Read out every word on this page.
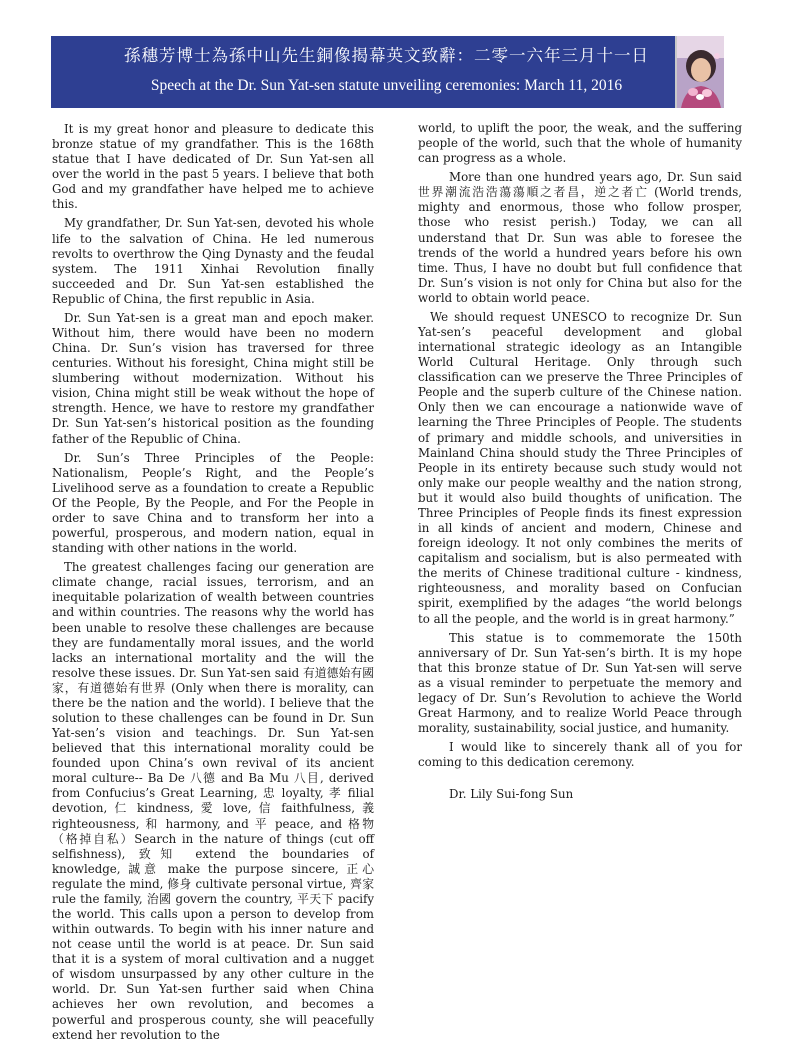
孫穗芳博士為孫中山先生銅像揭幕英文致辭：二零一六年三月十一日
Speech at the Dr. Sun Yat-sen statute unveiling ceremonies: March 11, 2016

It is my great honor and pleasure to dedicate this bronze statue of my grandfather. This is the 168th statue that I have dedicated of Dr. Sun Yat-sen all over the world in the past 5 years. I believe that both God and my grandfather have helped me to achieve this.

My grandfather, Dr. Sun Yat-sen, devoted his whole life to the salvation of China. He led numerous revolts to overthrow the Qing Dynasty and the feudal system. The 1911 Xinhai Revolution finally succeeded and Dr. Sun Yat-sen established the Republic of China, the first republic in Asia.

Dr. Sun Yat-sen is a great man and epoch maker. Without him, there would have been no modern China. Dr. Sun’s vision has traversed for three centuries. Without his foresight, China might still be slumbering without modernization. Without his vision, China might still be weak without the hope of strength. Hence, we have to restore my grandfather Dr. Sun Yat-sen’s historical position as the founding father of the Republic of China.

Dr. Sun’s Three Principles of the People: Nationalism, People’s Right, and the People’s Livelihood serve as a foundation to create a Republic Of the People, By the People, and For the People in order to save China and to transform her into a powerful, prosperous, and modern nation, equal in standing with other nations in the world.

The greatest challenges facing our generation are climate change, racial issues, terrorism, and an inequitable polarization of wealth between countries and within countries. The reasons why the world has been unable to resolve these challenges are because they are fundamentally moral issues, and the world lacks an international mortality and the will the resolve these issues. Dr. Sun Yat-sen said 有道德始有國家，有道德始有世界 (Only when there is morality, can there be the nation and the world). I believe that the solution to these challenges can be found in Dr. Sun Yat-sen’s vision and teachings. Dr. Sun Yat-sen believed that this international morality could be founded upon China’s own revival of its ancient moral culture-- Ba De 八德 and Ba Mu 八目, derived from Confucius’s Great Learning, 忠 loyalty, 孝 filial devotion, 仁 kindness, 愛 love, 信 faithfulness, 義 righteousness, 和 harmony, and 平 peace, and 格物（格掉自私）Search in the nature of things (cut off selfishness), 致知 extend the boundaries of knowledge, 誠意 make the purpose sincere, 正心 regulate the mind, 修身 cultivate personal virtue, 齊家 rule the family, 治國 govern the country, 平天下 pacify the world. This calls upon a person to develop from within outwards. To begin with his inner nature and not cease until the world is at peace. Dr. Sun said that it is a system of moral cultivation and a nugget of wisdom unsurpassed by any other culture in the world. Dr. Sun Yat-sen further said when China achieves her own revolution, and becomes a powerful and prosperous county, she will peacefully extend her revolution to the

world, to uplift the poor, the weak, and the suffering people of the world, such that the whole of humanity can progress as a whole.

More than one hundred years ago, Dr. Sun said 世界潮流浩浩蕩蕩順之者昌，逆之者亡 (World trends, mighty and enormous, those who follow prosper, those who resist perish.) Today, we can all understand that Dr. Sun was able to foresee the trends of the world a hundred years before his own time. Thus, I have no doubt but full confidence that Dr. Sun’s vision is not only for China but also for the world to obtain world peace.

We should request UNESCO to recognize Dr. Sun Yat-sen’s peaceful development and global international strategic ideology as an Intangible World Cultural Heritage. Only through such classification can we preserve the Three Principles of People and the superb culture of the Chinese nation. Only then we can encourage a nationwide wave of learning the Three Principles of People. The students of primary and middle schools, and universities in Mainland China should study the Three Principles of People in its entirety because such study would not only make our people wealthy and the nation strong, but it would also build thoughts of unification. The Three Principles of People finds its finest expression in all kinds of ancient and modern, Chinese and foreign ideology. It not only combines the merits of capitalism and socialism, but is also permeated with the merits of Chinese traditional culture - kindness, righteousness, and morality based on Confucian spirit, exemplified by the adages “the world belongs to all the people, and the world is in great harmony.”

This statue is to commemorate the 150th anniversary of Dr. Sun Yat-sen’s birth. It is my hope that this bronze statue of Dr. Sun Yat-sen will serve as a visual reminder to perpetuate the memory and legacy of Dr. Sun’s Revolution to achieve the World Great Harmony, and to realize World Peace through morality, sustainability, social justice, and humanity.

I would like to sincerely thank all of you for coming to this dedication ceremony.

Dr. Lily Sui-fong Sun
